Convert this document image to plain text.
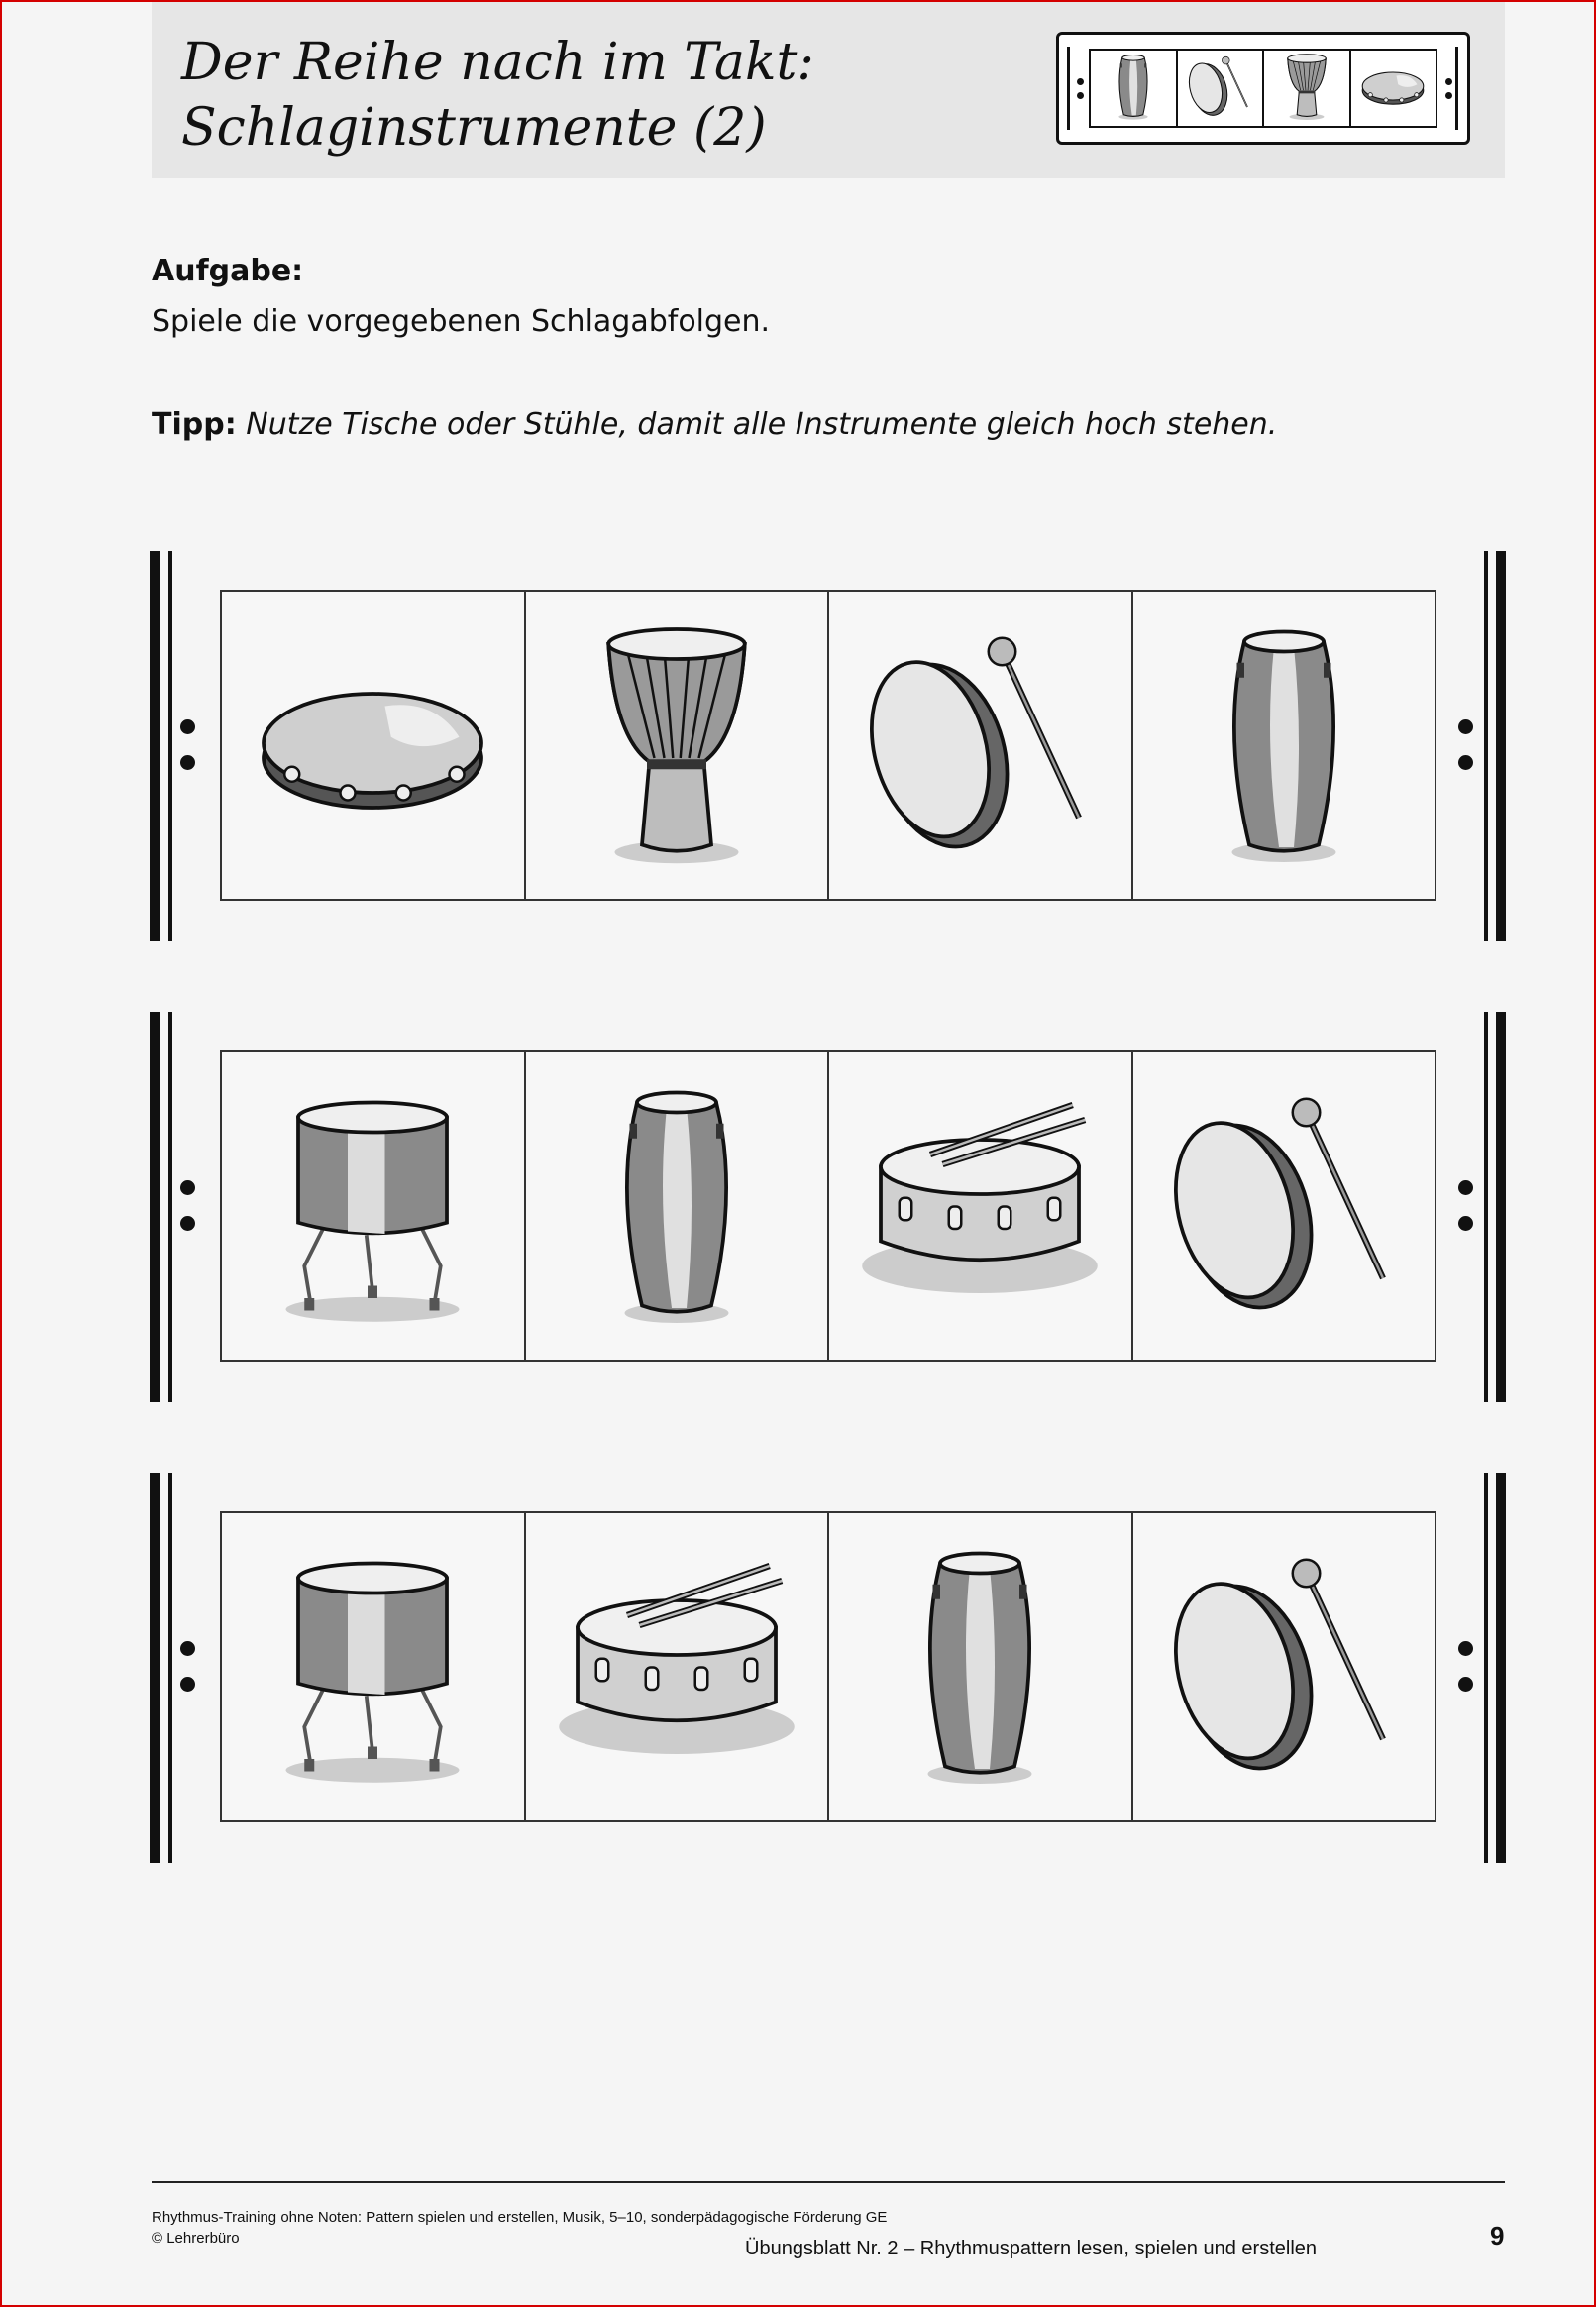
Der Reihe nach im Takt:
Schlaginstrumente (2)
Aufgabe:
Spiele die vorgegebenen Schlagabfolgen.
Tipp: Nutze Tische oder Stühle, damit alle Instrumente gleich hoch stehen.
Rhythmus-Training ohne Noten: Pattern spielen und erstellen, Musik, 5–10, sonderpädagogische Förderung GE
© Lehrerbüro	Übungsblatt Nr. 2 – Rhythmuspattern lesen, spielen und erstellen	9
